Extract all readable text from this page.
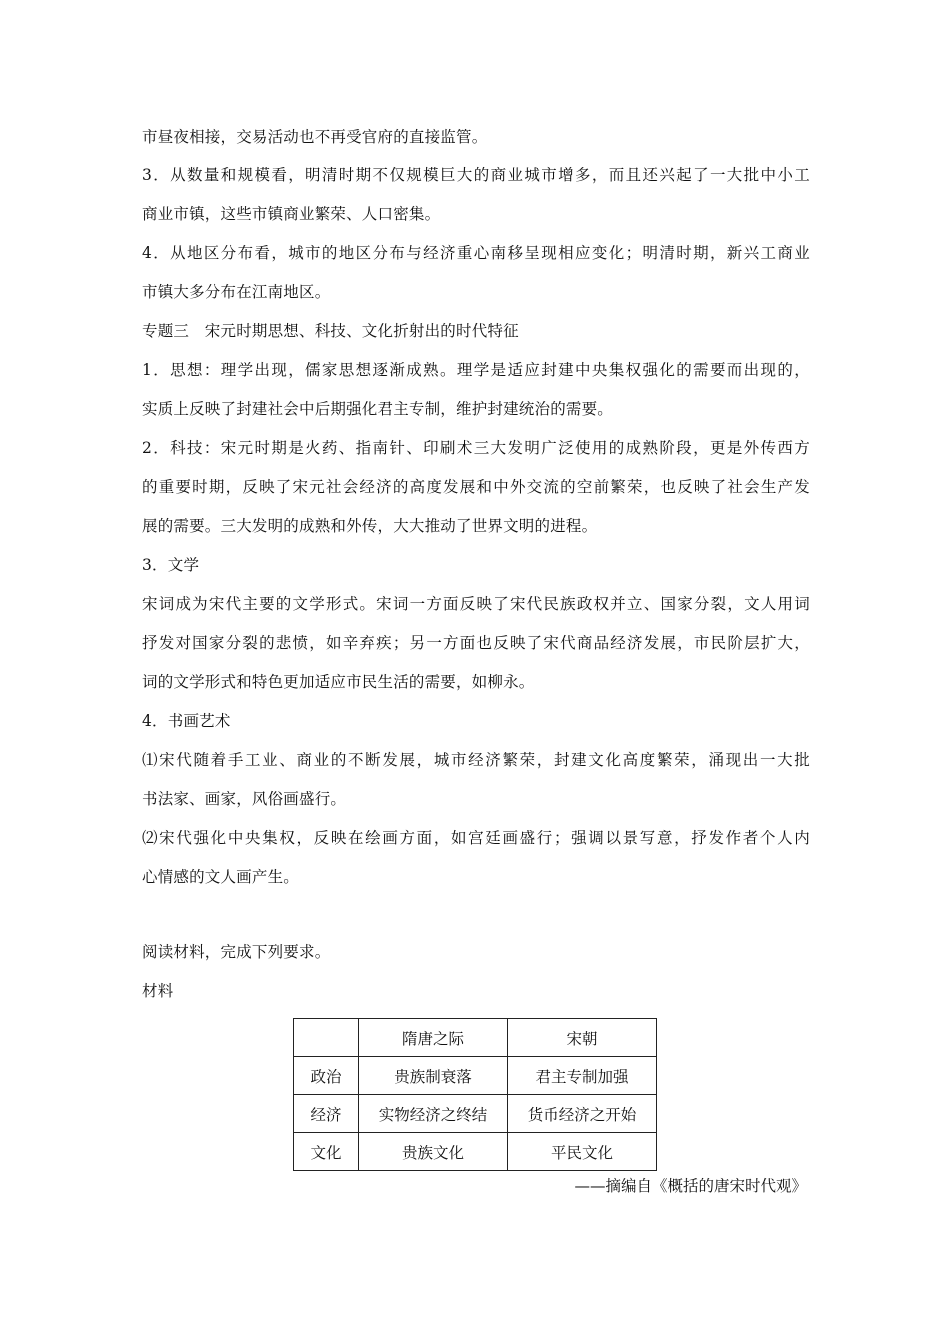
市昼夜相接，交易活动也不再受官府的直接监管。
3．从数量和规模看，明清时期不仅规模巨大的商业城市增多，而且还兴起了一大批中小工
商业市镇，这些市镇商业繁荣、人口密集。
4．从地区分布看，城市的地区分布与经济重心南移呈现相应变化；明清时期，新兴工商业
市镇大多分布在江南地区。
专题三　宋元时期思想、科技、文化折射出的时代特征
1．思想：理学出现，儒家思想逐渐成熟。理学是适应封建中央集权强化的需要而出现的，
实质上反映了封建社会中后期强化君主专制，维护封建统治的需要。
2．科技：宋元时期是火药、指南针、印刷术三大发明广泛使用的成熟阶段，更是外传西方
的重要时期，反映了宋元社会经济的高度发展和中外交流的空前繁荣，也反映了社会生产发
展的需要。三大发明的成熟和外传，大大推动了世界文明的进程。
3．文学
宋词成为宋代主要的文学形式。宋词一方面反映了宋代民族政权并立、国家分裂，文人用词
抒发对国家分裂的悲愤，如辛弃疾；另一方面也反映了宋代商品经济发展，市民阶层扩大，
词的文学形式和特色更加适应市民生活的需要，如柳永。
4．书画艺术
⑴宋代随着手工业、商业的不断发展，城市经济繁荣，封建文化高度繁荣，涌现出一大批
书法家、画家，风俗画盛行。
⑵宋代强化中央集权，反映在绘画方面，如宫廷画盛行；强调以景写意，抒发作者个人内
心情感的文人画产生。
阅读材料，完成下列要求。
材料
	隋唐之际	宋朝
政治	贵族制衰落	君主专制加强
经济	实物经济之终结	货币经济之开始
文化	贵族文化	平民文化
——摘编自《概括的唐宋时代观》
